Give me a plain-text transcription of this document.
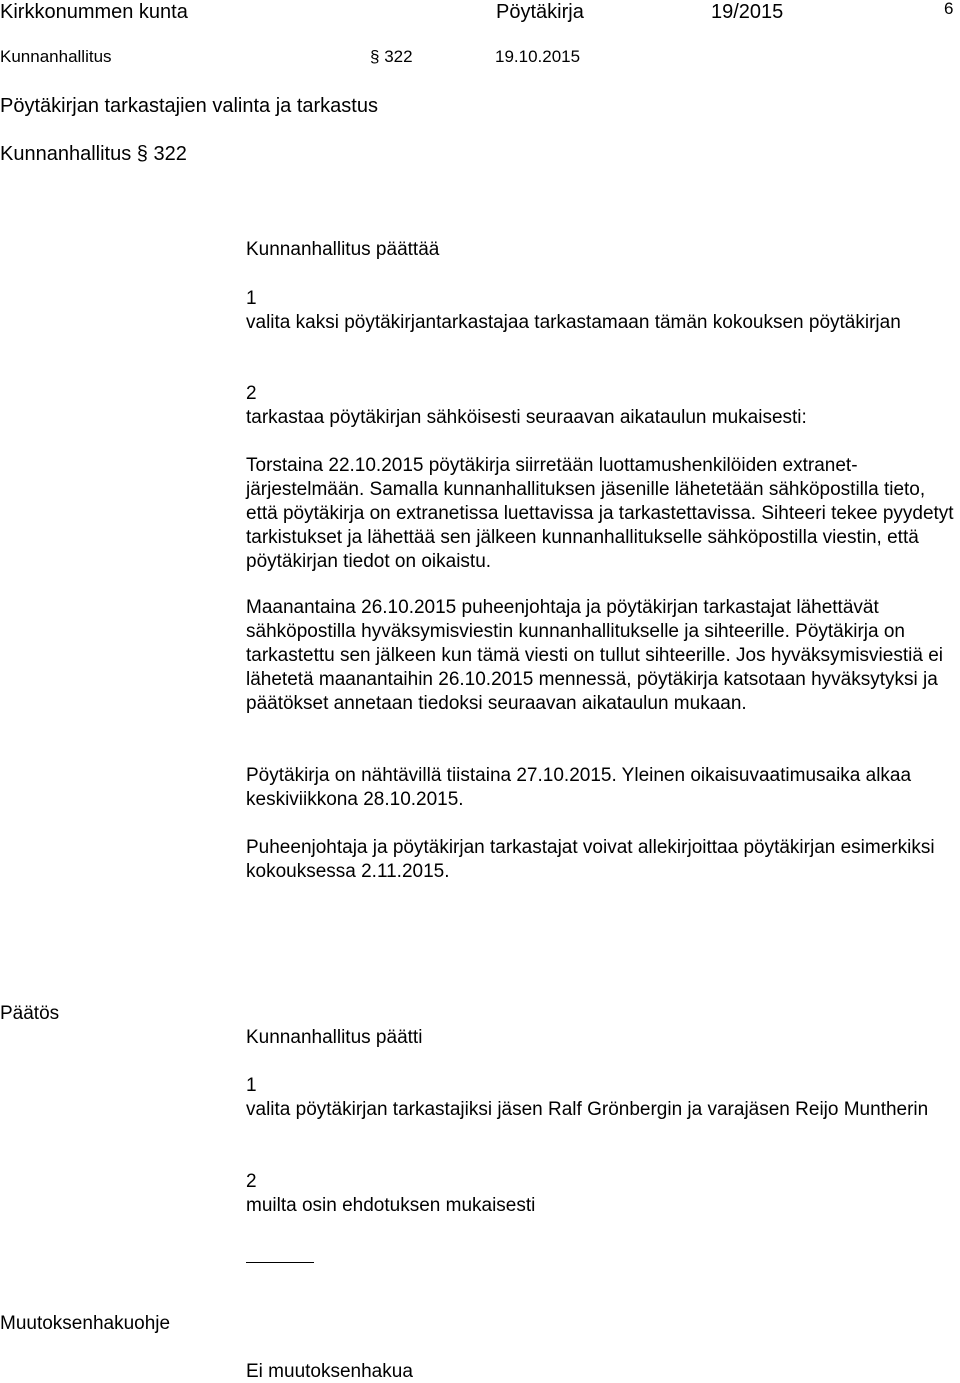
Kirkkonummen kunta	Pöytäkirja	19/2015	6
Kunnanhallitus	§ 322	19.10.2015
Pöytäkirjan tarkastajien valinta ja tarkastus
Kunnanhallitus § 322
Kunnanhallitus päättää
1
valita kaksi pöytäkirjantarkastajaa tarkastamaan tämän kokouksen pöytäkirjan
2
tarkastaa pöytäkirjan sähköisesti seuraavan aikataulun mukaisesti:
Torstaina 22.10.2015 pöytäkirja siirretään luottamushenkilöiden extranet-järjestelmään. Samalla kunnanhallituksen jäsenille lähetetään sähköpostilla tieto, että pöytäkirja on extranetissa luettavissa ja tarkastettavissa. Sihteeri tekee pyydetyt tarkistukset ja lähettää sen jälkeen kunnanhallitukselle sähköpostilla viestin, että pöytäkirjan tiedot on oikaistu.
Maanantaina 26.10.2015 puheenjohtaja ja pöytäkirjan tarkastajat lähettävät sähköpostilla hyväksymisviestin kunnanhallitukselle ja sihteerille. Pöytäkirja on tarkastettu sen jälkeen kun tämä viesti on tullut sihteerille. Jos hyväksymisviestiä ei lähetetä maanantaihin 26.10.2015 mennessä, pöytäkirja katsotaan hyväksytyksi ja päätökset annetaan tiedoksi seuraavan aikataulun mukaan.
Pöytäkirja on nähtävillä tiistaina 27.10.2015. Yleinen oikaisuvaatimusaika alkaa keskiviikkona 28.10.2015.
Puheenjohtaja ja pöytäkirjan tarkastajat voivat allekirjoittaa pöytäkirjan esimerkiksi kokouksessa 2.11.2015.
Päätös
Kunnanhallitus päätti
1
valita pöytäkirjan tarkastajiksi jäsen Ralf Grönbergin ja varajäsen Reijo Muntherin
2
muilta osin ehdotuksen mukaisesti
Muutoksenhakuohje
Ei muutoksenhakua
